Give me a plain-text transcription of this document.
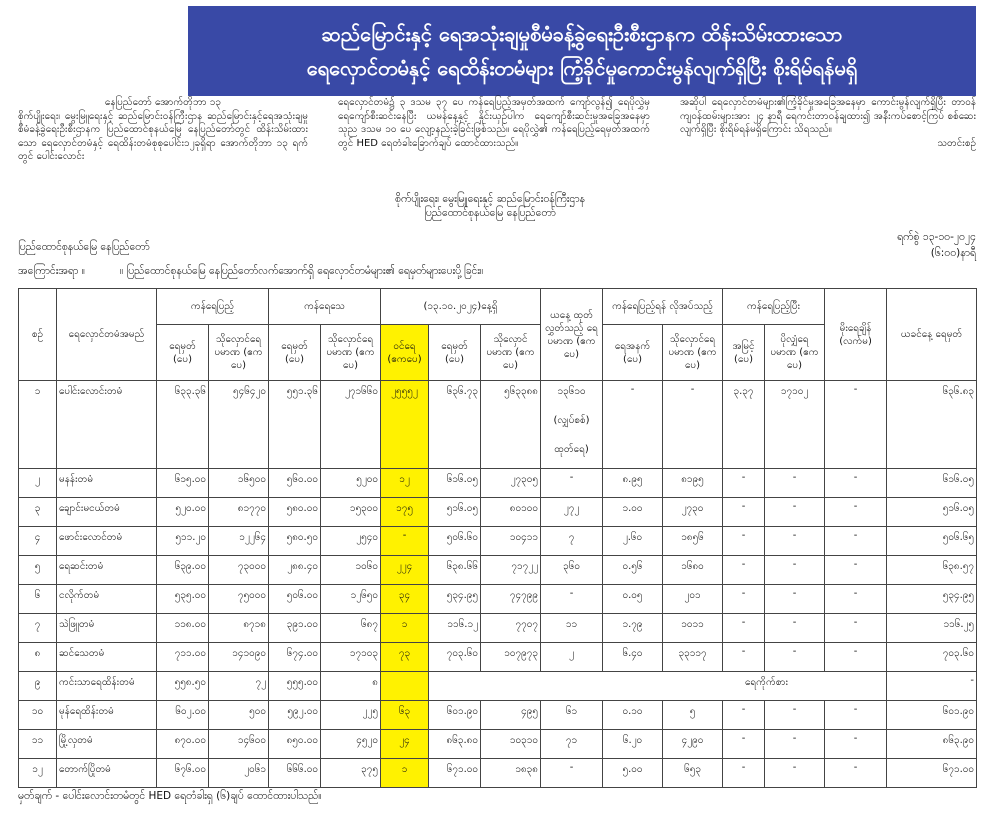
ဆည်မြောင်းနှင့် ရေအသုံးချမှုစီမံခန့်ခွဲရေးဦးစီးဌာနက ထိန်းသိမ်းထားသော
ရေလှောင်တမံနှင့် ရေထိန်းတမံများ ကြံ့ခိုင်မှုကောင်းမွန်လျက်ရှိပြီး စိုးရိမ်ရန်မရှိ
နေပြည်တော် အောက်တိုဘာ ၁၃
စိုက်ပျိုးရေး၊ မွေးမြူရေးနှင့် ဆည်မြောင်းဝန်ကြီးဌာန ဆည်မြောင်းနှင့်ရေအသုံးချမှုစီမံခန့်ခွဲရေးဦးစီးဌာနက ပြည်ထောင်စုနယ်မြေ နေပြည်တော်တွင် ထိန်းသိမ်းထားသော ရေလှောင်တမံနှင့် ရေထိန်းတမံစုစုပေါင်း၁၂ခုရှိရာ အောက်တိုဘာ ၁၃ ရက်တွင် ပေါင်းလောင်း
ရေလှောင်တမံ၌ ၃ ဒသမ ၃၇ ပေ ကန်ရေပြည့်အမှတ်အထက် ကျော်လွန်၍ ရေပိုလွှဲမှ ရေကျော်စီးဆင်းနေပြီး ယမန်နေ့နှင့် နှိုင်းယှဉ်ပါက ရေကျော်စီးဆင်းမှုအခြေအနေမှာ သုည ဒသမ ၁၀ ပေ လျော့နည်းခဲ့ခြင်းဖြစ်သည်။ ရေပိုလွှဲ၏ ကန်ရေပြည့်ရေမှတ်အထက်တွင် HED ရေတံခါးခြောက်ချပ် ထောင်ထားသည်။
အဆိုပါ ရေလှောင်တမံများ၏ကြံ့ခိုင်မှုအခြေအနေမှာ ကောင်းမွန်လျက်ရှိပြီး တာဝန်ကျဝန်ထမ်းများအား ၂၄ နာရီ ရေကင်းတာဝန်ချထား၍ အနီးကပ်စောင့်ကြပ် စစ်ဆေးလျက်ရှိပြီး စိုးရိမ်ရန်မရှိကြောင်း သိရသည်။
သတင်းစဉ်
စိုက်ပျိုးရေး၊ မွေးမြူရေးနှင့် ဆည်မြောင်းဝန်ကြီးဌာန
ပြည်ထောင်စုနယ်မြေ နေပြည်တော်
ပြည်ထောင်စုနယ်မြေ နေပြည်တော်
ရက်စွဲ ၁၃-၁၀-၂၀၂၄
(၆:၀၀)နာရီ
အကြောင်းအရာ ။	။ ပြည်ထောင်စုနယ်မြေ နေပြည်တော်လက်အောက်ရှိ ရေလှောင်တမံများ၏ ရေမှတ်များပေးပို့ခြင်း။
စဉ်	ရေလှောင်တမံအမည်	ကန်ရေပြည့်		ကန်ရေသေ		(၁၃.၁၀.၂၀၂၄)နေ့ရှိ			ယနေ့ ထုတ်လွှတ်သည့် ရေပမာဏ (ဧကပေ)	ကန်ရေပြည့်ရန် လိုအပ်သည့်		ကန်ရေပြည့်ပြီး		မိုးရေချိန် (လက်မ)	ယခင်နေ့ ရေမှတ်
		ရေမှတ် (ပေ)	သိုလှောင်ရေ ပမာဏ (ဧကပေ)	ရေမှတ် (ပေ)	သိုလှောင်ရေ ပမာဏ (ဧကပေ)	ဝင်ရေ (ဧကပေ)	ရေမှတ် (ပေ)	သိုလှောင် ပမာဏ (ဧကပေ)		ရေအနက် (ပေ)	သိုလှောင်ရေ ပမာဏ (ဧကပေ)	အမြင့် (ပေ)	ပိုလျှံရေ ပမာဏ (ဧကပေ)		
၁	ပေါင်းလောင်းတမံ	၆၃၃.၃၆	၅၄၆၄၂၀	၅၅၁.၃၆	၂၇၁၆၆၀	၂၅၅၅၂	၆၃၆.၇၃	၅၆၃၃၈၈	၁၃၆၁၀
(လျှပ်စစ်)
ထုတ်ရေ)	-	-	၃.၃၇	၁၇၁၀၂	-	၆၃၆.၈၃
၂	မနန်းတမံ	၆၁၅.၀၀	၁၆၅၀၀	၅၆၀.၀၀	၅၂၀၀	၁၂	၆၁၆.၀၅	၂၇၃၀၅	-	၈.၉၅	၈၁၉၅	-	-	-	၆၁၆.၀၅
၃	ချောင်းမငယ်တမံ	၅၂၀.၀၀	၈၁၇၇၀	၅၈၀.၀၀	၁၅၃၀၀	၁၇၅	၅၁၆.၀၅	၈၀၁၀၀	၂၇၂	၁.၀၀	၂၇၃၀	-	-	-	၅၁၆.၀၅
၄	ဖောင်းလောင်တမံ	၅၁၁.၂၀	၁၂၂၆၄	၅၈၀.၅၀	၂၅၄၀	-	၅၀၆.၆၀	၁၀၄၁၁	၇	၂.၆၀	၁၈၅၆	-	-	-	၅၀၆.၆၅
၅	ရေဆင်းတမံ	၆၃၉.၀၀	၇၃၀၀၀	၂၈၈.၄၀	၁၀၆၀	၂၂၄	၆၃၈.၆၆	၇၁၇၂၂	၃၆၀	၀.၅၆	၁၆၈၀	-	-	-	၆၃၈.၅၇
၆	ငလိုက်တမံ	၅၃၅.၀၀	၇၅၀၀၀	၅၀၆.၀၀	၁၂၆၅၀	၃၄	၅၃၄.၉၅	၇၄၇၉၉	-	၀.၀၅	၂၀၁	-	-	-	၅၃၄.၉၅
၇	သဲဖြူတမံ	၁၁၈.၀၀	၈၇၁၈	၃၉၁.၀၀	၆၈၇	၁	၁၁၆.၁၂	၇၇၀၇	၁၁	၁.၇၉	၁၀၁၁	-	-	-	၁၁၆.၂၅
၈	ဆင်သေတမံ	၇၁၁.၀၀	၁၄၁၀၉၀	၆၇၄.၀၀	၁၇၁၀၃	၇၃	၇၀၃.၆၀	၁၀၇၉၇၃	၂	၆.၄၀	၃၃၁၁၇	-	-	-	၇၀၃.၆၀
၉	ကင်းသာရေထိန်းတမံ	၅၅၈.၅၀	၇၂	၅၅၅.၀၀	၈		ရေကိုက်စား								-
၁၀	မုန်ရေထိန်းတမံ	၆၀၂.၀၀	၅၀၀	၅၉၂.၀၀	၂၂၅	၆၃	၆၀၁.၉၀	၄၉၅	၆၁	၀.၁၀	၅	-	-	-	၆၀၁.၉၀
၁၁	မြို့လှတမံ	၈၇၀.၀၀	၁၄၆၀၀	၈၅၀.၀၀	၄၅၂၀	၂၄	၈၆၃.၈၀	၁၀၃၁၀	၇၁	၆.၂၀	၄၂၉၀	-	-	-	၈၆၃.၉၀
၁၂	တောက်ပြိုတမံ	၆၇၆.၀၀	၂၀၆၁	၆၆၆.၀၀	၃၇၅	၁	၆၇၁.၀၀	၁၈၃၈	-	၅.၀၀	၆၅၃	-	-	-	၆၇၁.၀၀
မှတ်ချက် - ပေါင်းလောင်းတမံတွင် HED ရေတံခါးရှ (၆)ချပ် ထောင်ထားပါသည်။
